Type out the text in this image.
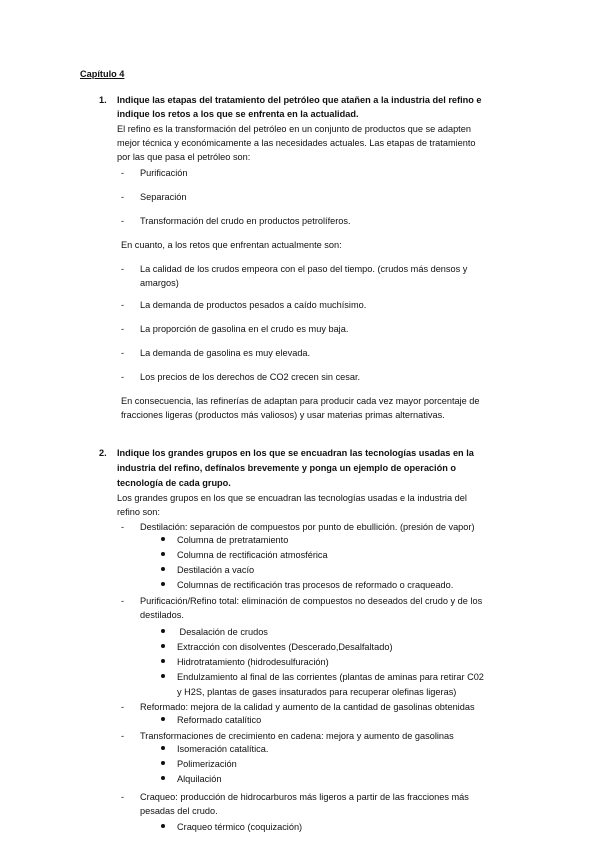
Capítulo 4
1. Indique las etapas del tratamiento del petróleo que atañen a la industria del refino e
indique los retos a los que se enfrenta en la actualidad.
El refino es la transformación del petróleo en un conjunto de productos que se adapten
mejor técnica y económicamente a las necesidades actuales. Las etapas de tratamiento
por las que pasa el petróleo son:
- Purificación
- Separación
- Transformación del crudo en productos petrolíferos.
En cuanto, a los retos que enfrentan actualmente son:
- La calidad de los crudos empeora con el paso del tiempo. (crudos más densos y
amargos)
- La demanda de productos pesados a caído muchísimo.
- La proporción de gasolina en el crudo es muy baja.
- La demanda de gasolina es muy elevada.
- Los precios de los derechos de CO2 crecen sin cesar.
En consecuencia, las refinerías de adaptan para producir cada vez mayor porcentaje de
fracciones ligeras (productos más valiosos) y usar materias primas alternativas.
2. Indique los grandes grupos en los que se encuadran las tecnologías usadas en la
industria del refino, defínalos brevemente y ponga un ejemplo de operación o
tecnología de cada grupo.
Los grandes grupos en los que se encuadran las tecnologías usadas e la industria del
refino son:
- Destilación: separación de compuestos por punto de ebullición. (presión de vapor)
Columna de pretratamiento
Columna de rectificación atmosférica
Destilación a vacío
Columnas de rectificación tras procesos de reformado o craqueado.
- Purificación/Refino total: eliminación de compuestos no deseados del crudo y de los
destilados.
Desalación de crudos
Extracción con disolventes (Descerado,Desalfaltado)
Hidrotratamiento (hidrodesulfuración)
Endulzamiento al final de las corrientes (plantas de aminas para retirar C02
y H2S, plantas de gases insaturados para recuperar olefinas ligeras)
- Reformado: mejora de la calidad y aumento de la cantidad de gasolinas obtenidas
Reformado catalítico
- Transformaciones de crecimiento en cadena: mejora y aumento de gasolinas
Isomeración catalítica.
Polimerización
Alquilación
- Craqueo: producción de hidrocarburos más ligeros a partir de las fracciones más
pesadas del crudo.
Craqueo térmico (coquización)
